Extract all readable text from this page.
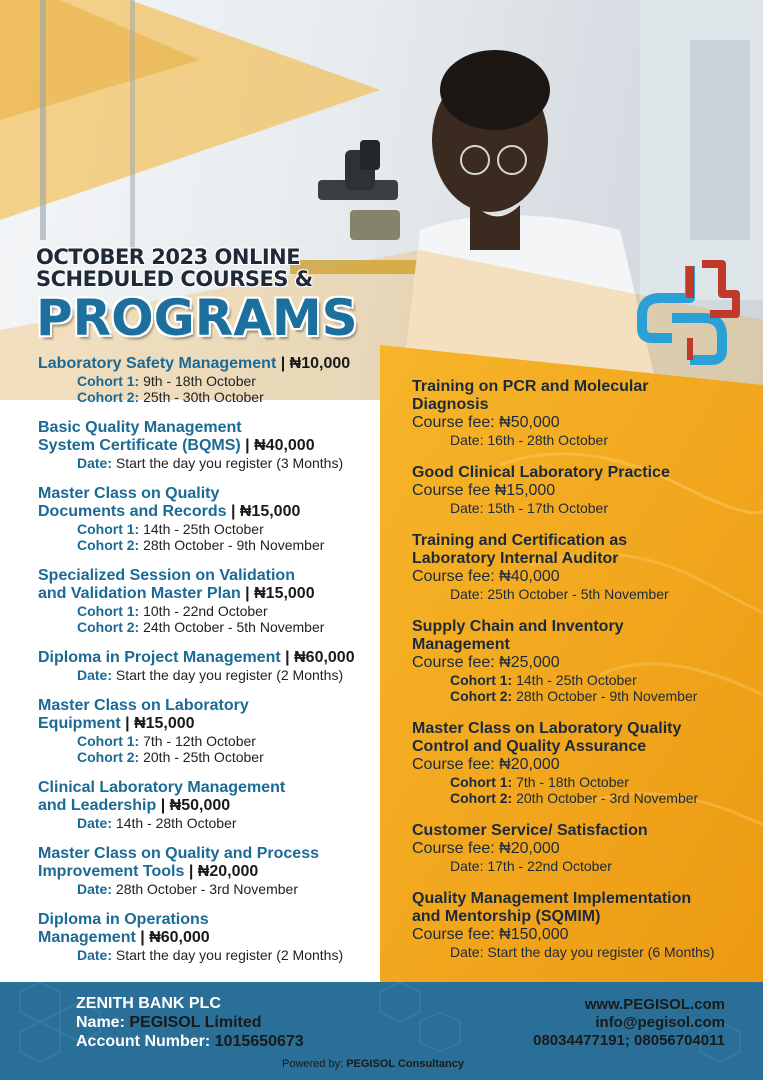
OCTOBER 2023 ONLINE
SCHEDULED COURSES &
PROGRAMS
Laboratory Safety Management | ₦10,000
Cohort 1: 9th - 18th October
Cohort 2: 25th - 30th October
Basic Quality Management
System Certificate (BQMS) | ₦40,000
Date: Start the day you register (3 Months)
Master Class on Quality
Documents and Records | ₦15,000
Cohort 1: 14th - 25th October
Cohort 2: 28th October - 9th November
Specialized Session on Validation
and Validation Master Plan | ₦15,000
Cohort 1: 10th - 22nd October
Cohort 2: 24th October - 5th November
Diploma in Project Management | ₦60,000
Date: Start the day you register (2 Months)
Master Class on Laboratory
Equipment | ₦15,000
Cohort 1: 7th - 12th October
Cohort 2: 20th - 25th October
Clinical Laboratory Management
and Leadership | ₦50,000
Date: 14th - 28th October
Master Class on Quality and Process
Improvement Tools | ₦20,000
Date: 28th October - 3rd November
Diploma in Operations
Management | ₦60,000
Date: Start the day you register (2 Months)
Training on PCR and Molecular
Diagnosis
Course fee: ₦50,000
Date: 16th - 28th October
Good Clinical Laboratory Practice
Course fee ₦15,000
Date: 15th - 17th October
Training and Certification as
Laboratory Internal Auditor
Course fee: ₦40,000
Date: 25th October - 5th November
Supply Chain and Inventory
Management
Course fee: ₦25,000
Cohort 1: 14th - 25th October
Cohort 2: 28th October - 9th November
Master Class on Laboratory Quality
Control and Quality Assurance
Course fee: ₦20,000
Cohort 1: 7th - 18th October
Cohort 2: 20th October - 3rd November
Customer Service/ Satisfaction
Course fee: ₦20,000
Date: 17th - 22nd October
Quality Management Implementation
and Mentorship (SQMIM)
Course fee: ₦150,000
Date: Start the day you register (6 Months)
ZENITH BANK PLC
Name: PEGISOL Limited
Account Number: 1015650673
www.PEGISOL.com
info@pegisol.com
08034477191; 08056704011
Powered by: PEGISOL Consultancy
